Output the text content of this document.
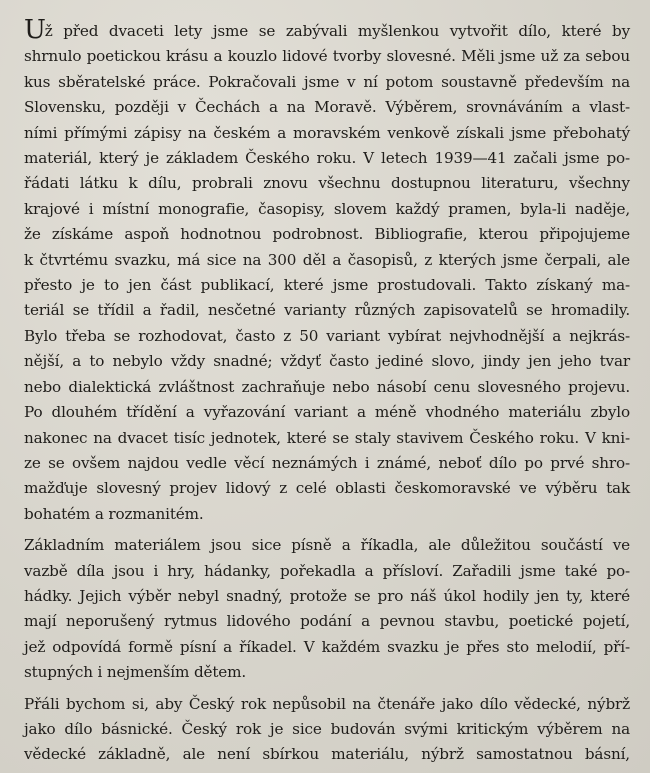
Už před dvaceti lety jsme se zabývali myšlenkou vytvořit dílo, které by

shrnulo poetickou krásu a kouzlo lidové tvorby slovesné. Měli jsme už za sebou

kus sběratelské práce. Pokračovali jsme v ní potom soustavně především na

Slovensku, později v Čechách a na Moravě. Výběrem, srovnáváním a vlast-

ními přímými zápisy na českém a moravském venkově získali jsme přebohatý

materiál, který je základem Českého roku. V letech 1939—41 začali jsme po-

řádati látku k dílu, probrali znovu všechnu dostupnou literaturu, všechny

krajové i místní monografie, časopisy, slovem každý pramen, byla-li naděje,

že získáme aspoň hodnotnou podrobnost. Bibliografie, kterou připojujeme

k čtvrtému svazku, má sice na 300 děl a časopisů, z kterých jsme čerpali, ale

přesto je to jen část publikací, které jsme prostudovali. Takto získaný ma-

teriál se třídil a řadil, nesčetné varianty různých zapisovatelů se hromadily.

Bylo třeba se rozhodovat, často z 50 variant vybírat nejvhodnější a nejkrás-

nější, a to nebylo vždy snadné; vždyť často jediné slovo, jindy jen jeho tvar

nebo dialektická zvláštnost zachraňuje nebo násobí cenu slovesného projevu.

Po dlouhém třídění a vyřazování variant a méně vhodného materiálu zbylo

nakonec na dvacet tisíc jednotek, které se staly stavivem Českého roku. V kni-

ze se ovšem najdou vedle věcí neznámých i známé, neboť dílo po prvé shro-

mažďuje slovesný projev lidový z celé oblasti českomoravské ve výběru tak

bohatém a rozmanitém.

Základním materiálem jsou sice písně a říkadla, ale důležitou součástí ve

vazbě díla jsou i hry, hádanky, pořekadla a přísloví. Zařadili jsme také po-

hádky. Jejich výběr nebyl snadný, protože se pro náš úkol hodily jen ty, které

mají neporušený rytmus lidového podání a pevnou stavbu, poetické pojetí,

jež odpovídá formě písní a říkadel. V každém svazku je přes sto melodií, pří-

stupných i nejmenším dětem.

Přáli bychom si, aby Český rok nepůsobil na čtenáře jako dílo vědecké, nýbrž

jako dílo básnické. Český rok je sice budován svými kritickým výběrem na

vědecké základně, ale není sbírkou materiálu, nýbrž samostatnou básní,
